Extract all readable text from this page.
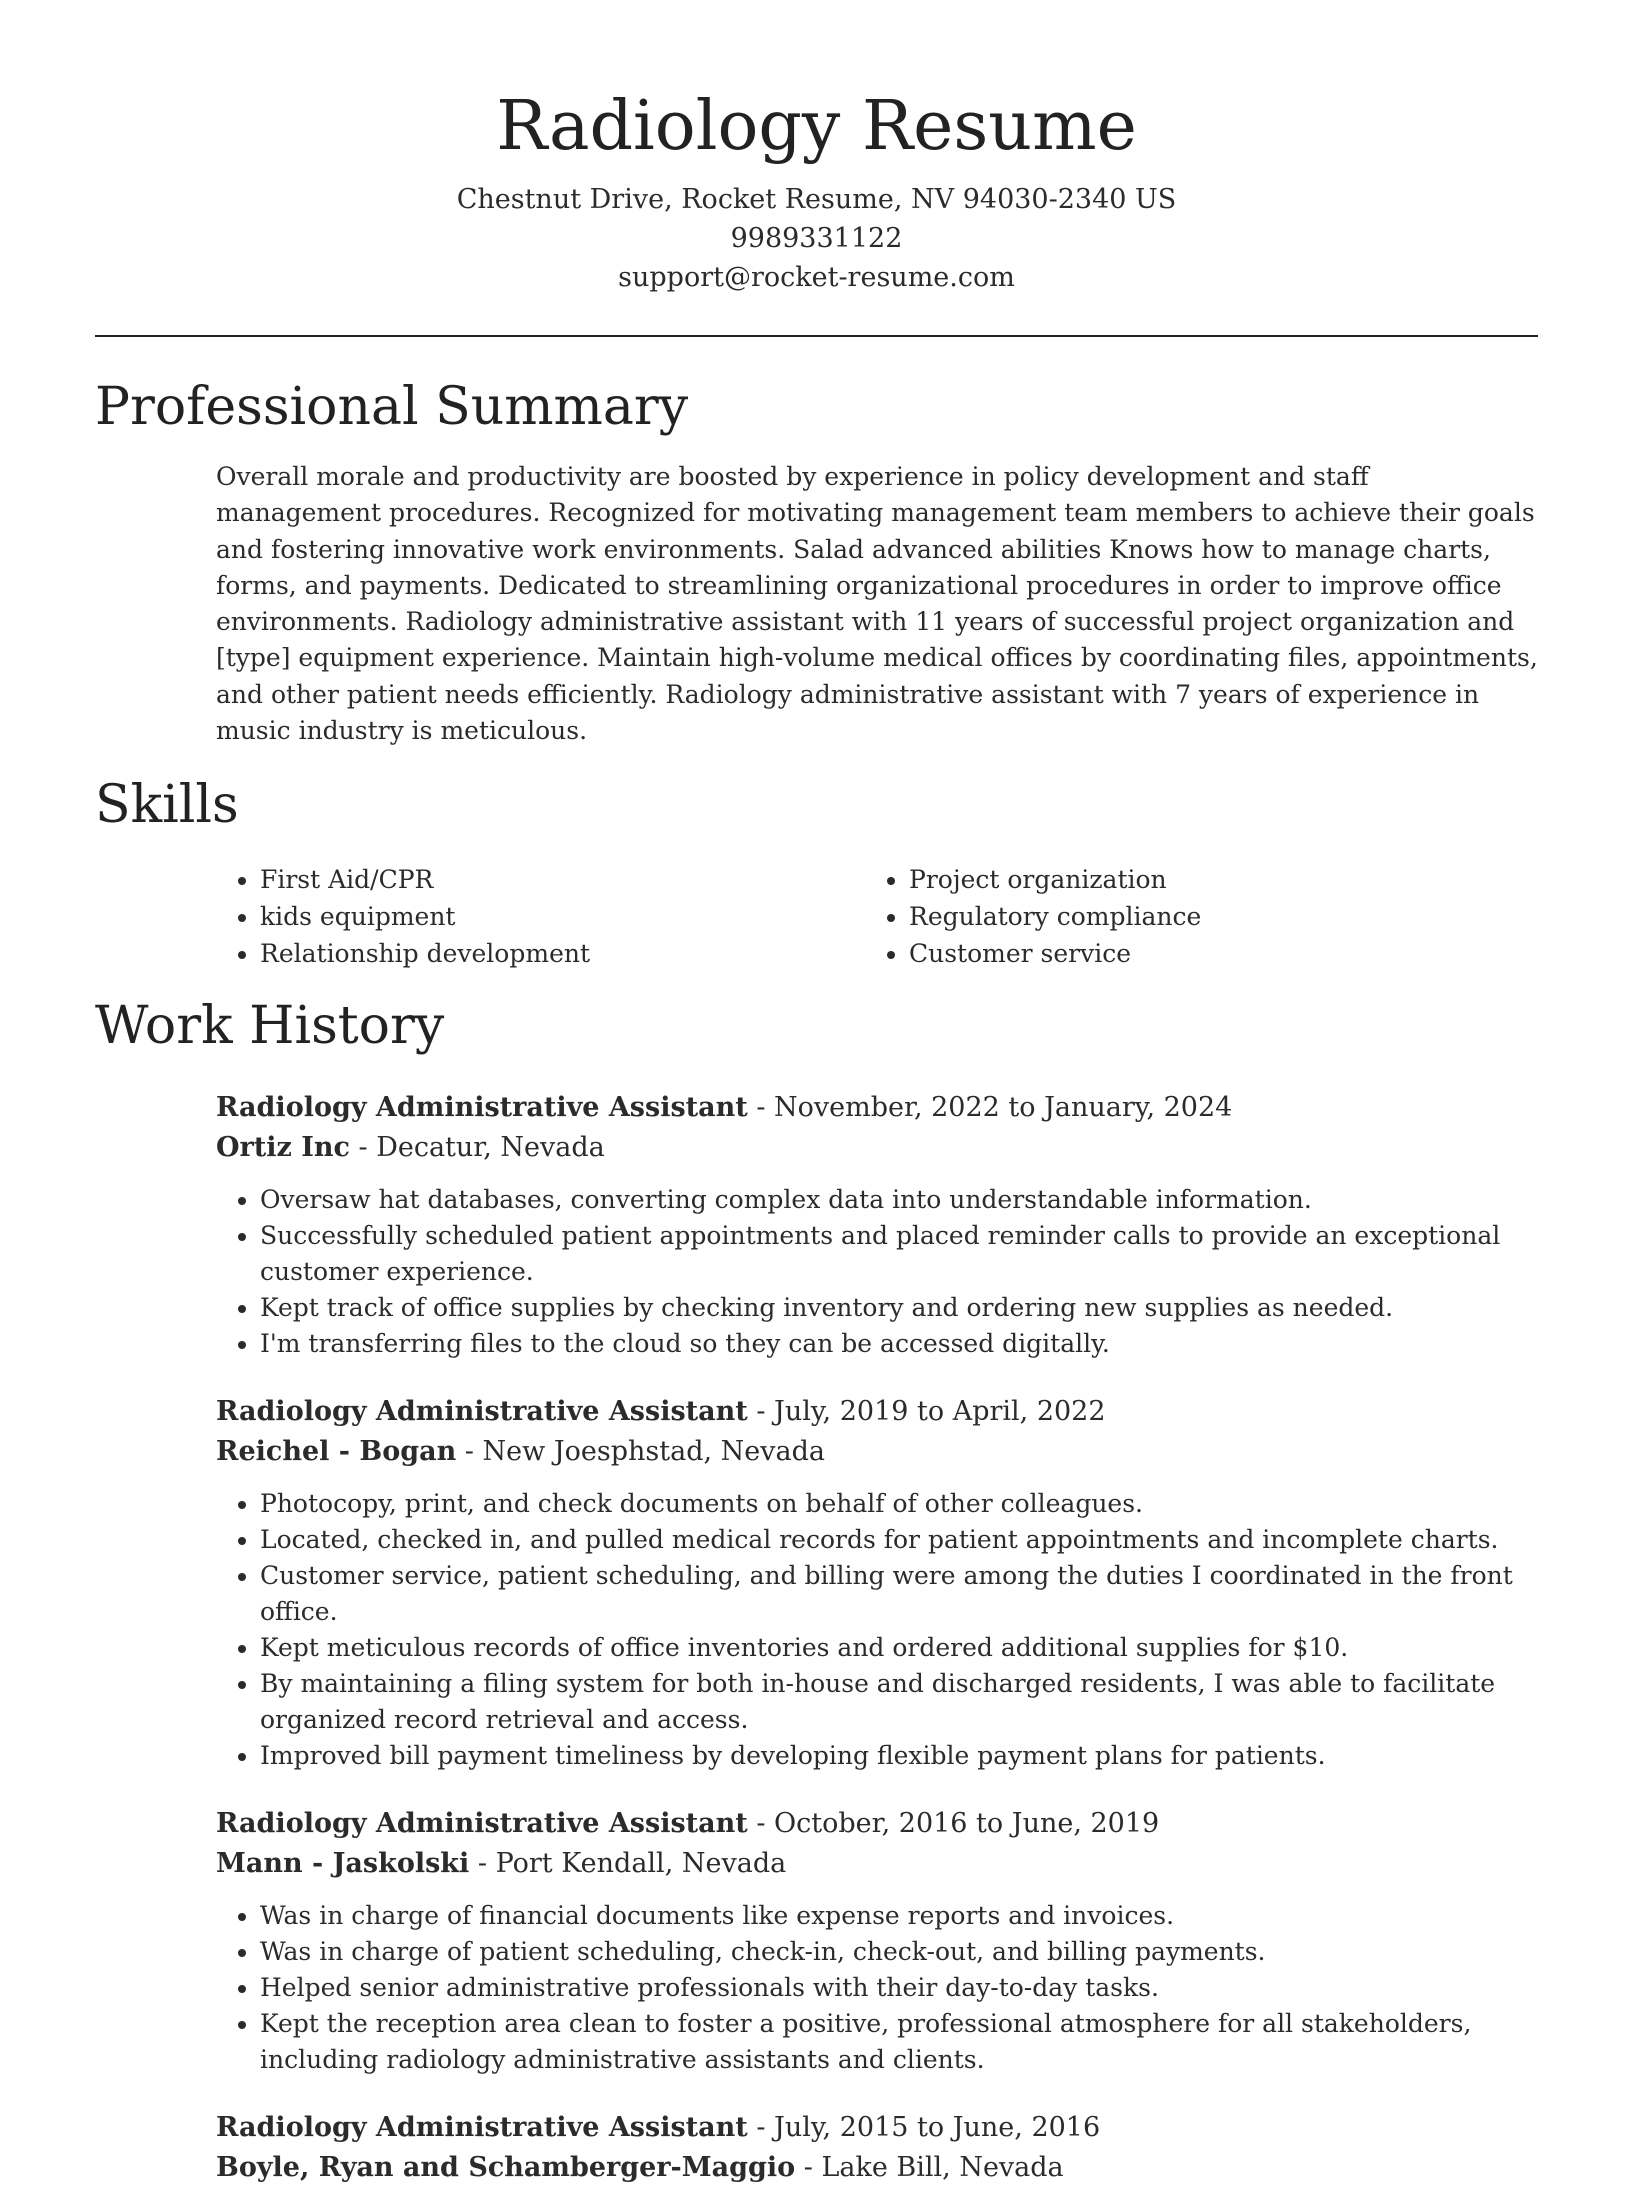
Radiology Resume
Chestnut Drive, Rocket Resume, NV 94030-2340 US
9989331122
support@rocket-resume.com
Professional Summary
Overall morale and productivity are boosted by experience in policy development and staff management procedures. Recognized for motivating management team members to achieve their goals and fostering innovative work environments. Salad advanced abilities Knows how to manage charts, forms, and payments. Dedicated to streamlining organizational procedures in order to improve office environments. Radiology administrative assistant with 11 years of successful project organization and [type] equipment experience. Maintain high-volume medical offices by coordinating files, appointments, and other patient needs efficiently. Radiology administrative assistant with 7 years of experience in music industry is meticulous.
Skills
• First Aid/CPR
• kids equipment
• Relationship development
• Project organization
• Regulatory compliance
• Customer service
Work History
Radiology Administrative Assistant - November, 2022 to January, 2024
Ortiz Inc - Decatur, Nevada
• Oversaw hat databases, converting complex data into understandable information.
• Successfully scheduled patient appointments and placed reminder calls to provide an exceptional customer experience.
• Kept track of office supplies by checking inventory and ordering new supplies as needed.
• I'm transferring files to the cloud so they can be accessed digitally.
Radiology Administrative Assistant - July, 2019 to April, 2022
Reichel - Bogan - New Joesphstad, Nevada
• Photocopy, print, and check documents on behalf of other colleagues.
• Located, checked in, and pulled medical records for patient appointments and incomplete charts.
• Customer service, patient scheduling, and billing were among the duties I coordinated in the front office.
• Kept meticulous records of office inventories and ordered additional supplies for $10.
• By maintaining a filing system for both in-house and discharged residents, I was able to facilitate organized record retrieval and access.
• Improved bill payment timeliness by developing flexible payment plans for patients.
Radiology Administrative Assistant - October, 2016 to June, 2019
Mann - Jaskolski - Port Kendall, Nevada
• Was in charge of financial documents like expense reports and invoices.
• Was in charge of patient scheduling, check-in, check-out, and billing payments.
• Helped senior administrative professionals with their day-to-day tasks.
• Kept the reception area clean to foster a positive, professional atmosphere for all stakeholders, including radiology administrative assistants and clients.
Radiology Administrative Assistant - July, 2015 to June, 2016
Boyle, Ryan and Schamberger-Maggio - Lake Bill, Nevada
